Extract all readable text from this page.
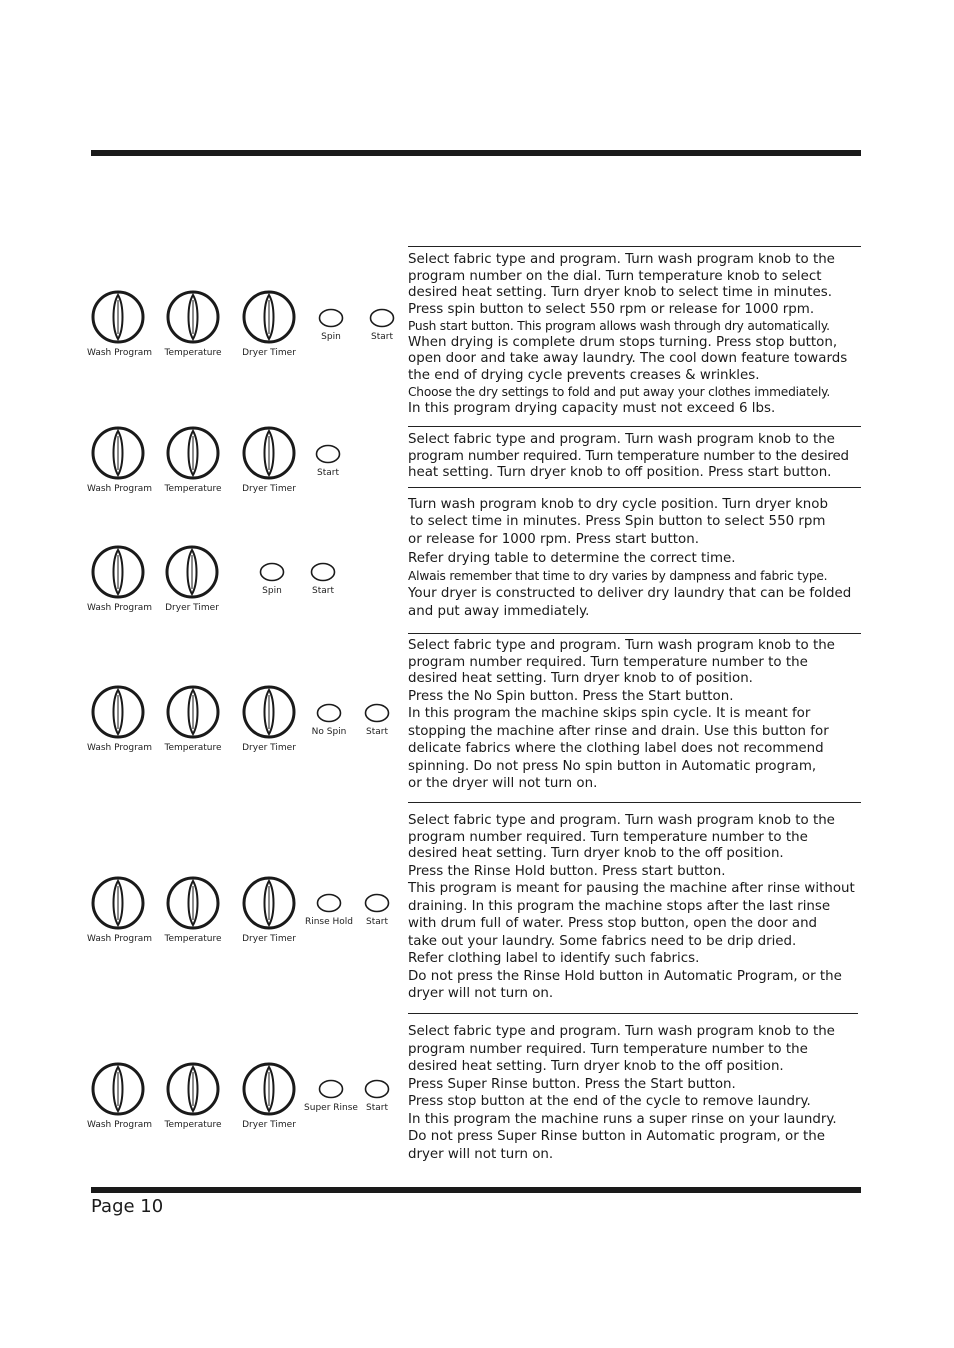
Select fabric type and program. Turn wash program knob to the
program number on the dial. Turn temperature knob to select
desired heat setting. Turn dryer knob to select time in minutes.
Press spin button to select 550 rpm or release for 1000 rpm.
Push start button. This program allows wash through dry automatically.
When drying is complete drum stops turning. Press stop button,
open door and take away laundry. The cool down feature towards
the end of drying cycle prevents creases & wrinkles.
Choose the dry settings to fold and put away your clothes immediately.
In this program drying capacity must not exceed 6 lbs.
Wash Program	Temperature	Dryer Timer
Spin	Start
Select fabric type and program. Turn wash program knob to the
program number required. Turn temperature number to the desired
heat setting. Turn dryer knob to off position. Press start button.
Wash Program	Temperature	Dryer Timer
Start
Turn wash program knob to dry cycle position. Turn dryer knob
to select time in minutes. Press Spin button to select 550 rpm
or release for 1000 rpm. Press start button.
Refer drying table to determine the correct time.
Alwais remember that time to dry varies by dampness and fabric type.
Your dryer is constructed to deliver dry laundry that can be folded
and put away immediately.
Wash Program	Dryer Timer
Spin	Start
Select fabric type and program. Turn wash program knob to the
program number required. Turn temperature number to the
desired heat setting. Turn dryer knob to of position.
Press the No Spin button. Press the Start button.
In this program the machine skips spin cycle. It is meant for
stopping the machine after rinse and drain. Use this button for
delicate fabrics where the clothing label does not recommend
spinning. Do not press No spin button in Automatic program,
or the dryer will not turn on.
Wash Program	Temperature	Dryer Timer
No Spin	Start
Select fabric type and program. Turn wash program knob to the
program number required. Turn temperature number to the
desired heat setting. Turn dryer knob to the off position.
Press the Rinse Hold button. Press start button.
This program is meant for pausing the machine after rinse without
draining. In this program the machine stops after the last rinse
with drum full of water. Press stop button, open the door and
take out your laundry. Some fabrics need to be drip dried.
Refer clothing label to identify such fabrics.
Do not press the Rinse Hold button in Automatic Program, or the
dryer will not turn on.
Wash Program	Temperature	Dryer Timer
Rinse Hold	Start
Select fabric type and program. Turn wash program knob to the
program number required. Turn temperature number to the
desired heat setting. Turn dryer knob to the off position.
Press Super Rinse button. Press the Start button.
Press stop button at the end of the cycle to remove laundry.
In this program the machine runs a super rinse on your laundry.
Do not press Super Rinse button in Automatic program, or the
dryer will not turn on.
Wash Program	Temperature	Dryer Timer
Super Rinse Start
Page 10
